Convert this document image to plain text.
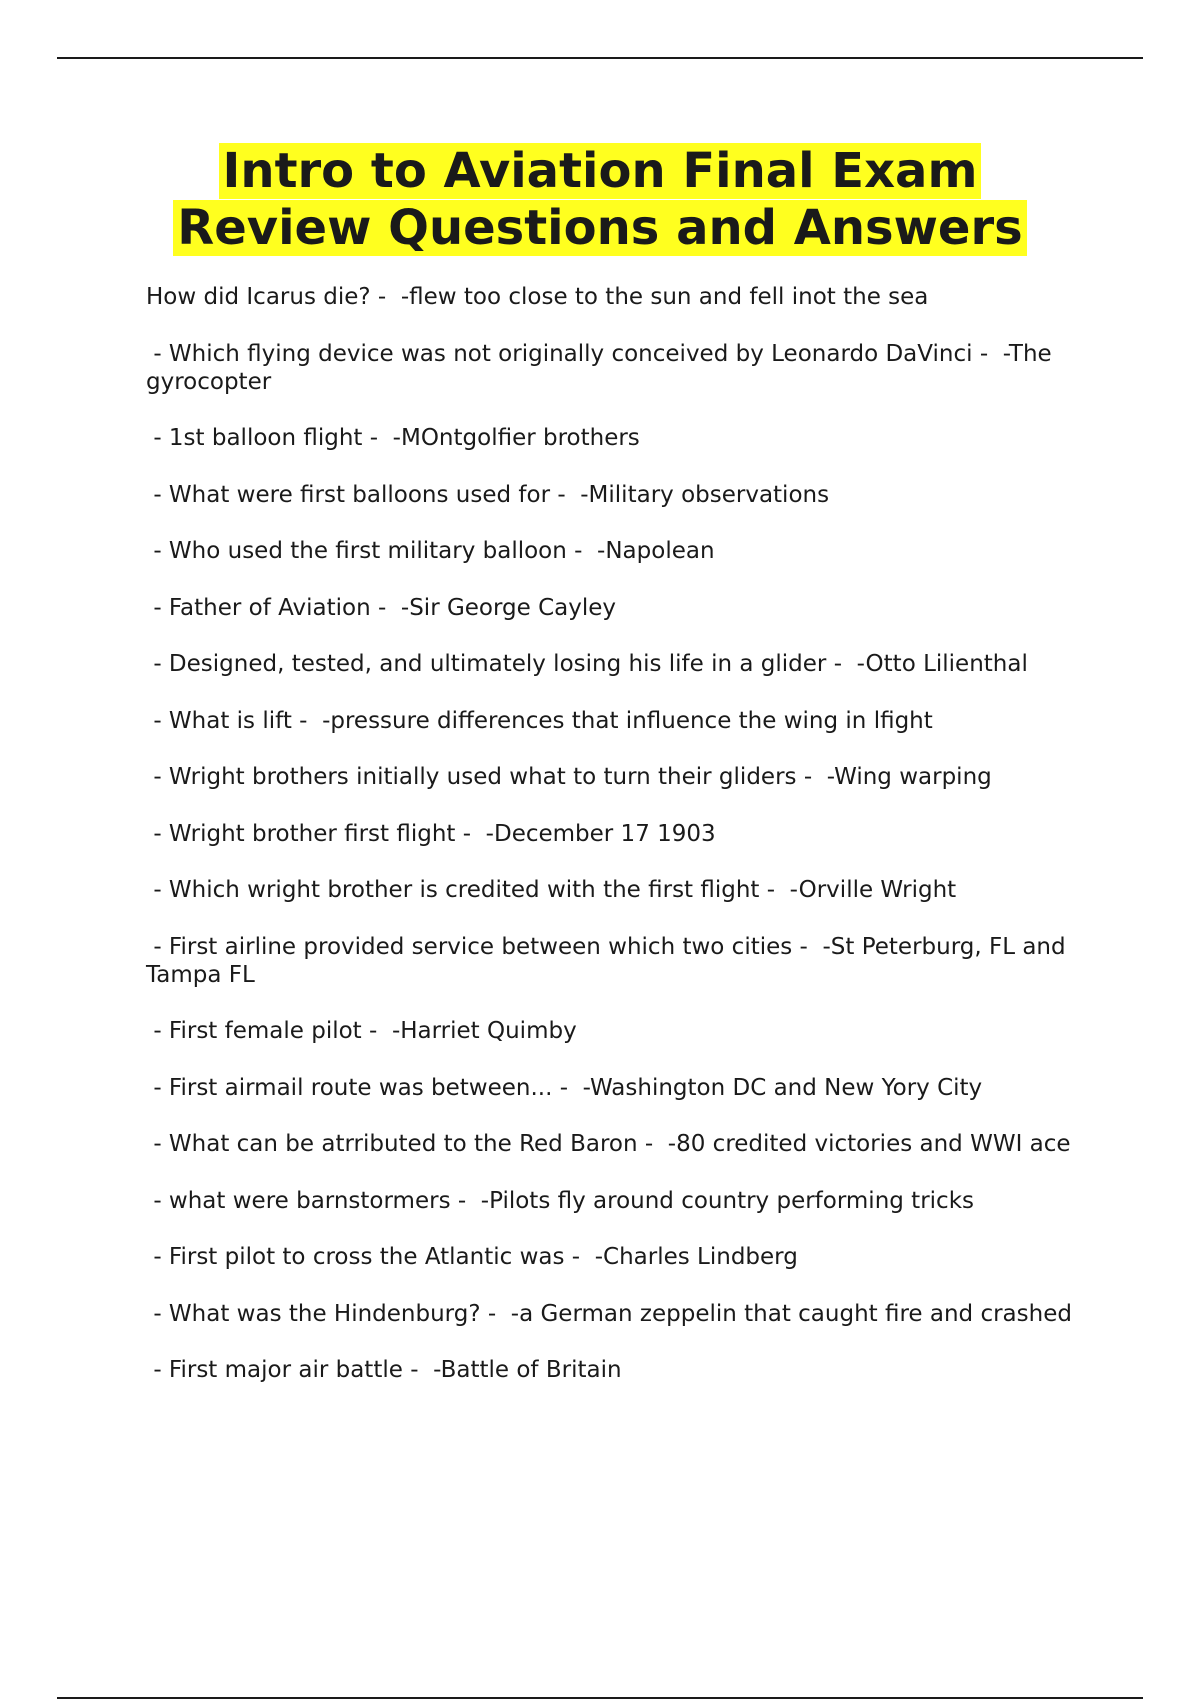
Intro to Aviation Final Exam
Review Questions and Answers
How did Icarus die? -  -flew too close to the sun and fell inot the sea
- Which flying device was not originally conceived by Leonardo DaVinci -  -The gyrocopter
- 1st balloon flight -  -MOntgolfier brothers
- What were first balloons used for -  -Military observations
- Who used the first military balloon -  -Napolean
- Father of Aviation -  -Sir George Cayley
- Designed, tested, and ultimately losing his life in a glider -  -Otto Lilienthal
- What is lift -  -pressure differences that influence the wing in lfight
- Wright brothers initially used what to turn their gliders -  -Wing warping
- Wright brother first flight -  -December 17 1903
- Which wright brother is credited with the first flight -  -Orville Wright
- First airline provided service between which two cities -  -St Peterburg, FL and Tampa FL
- First female pilot -  -Harriet Quimby
- First airmail route was between... -  -Washington DC and New Yory City
- What can be atrributed to the Red Baron -  -80 credited victories and WWI ace
- what were barnstormers -  -Pilots fly around country performing tricks
- First pilot to cross the Atlantic was -  -Charles Lindberg
- What was the Hindenburg? -  -a German zeppelin that caught fire and crashed
- First major air battle -  -Battle of Britain
